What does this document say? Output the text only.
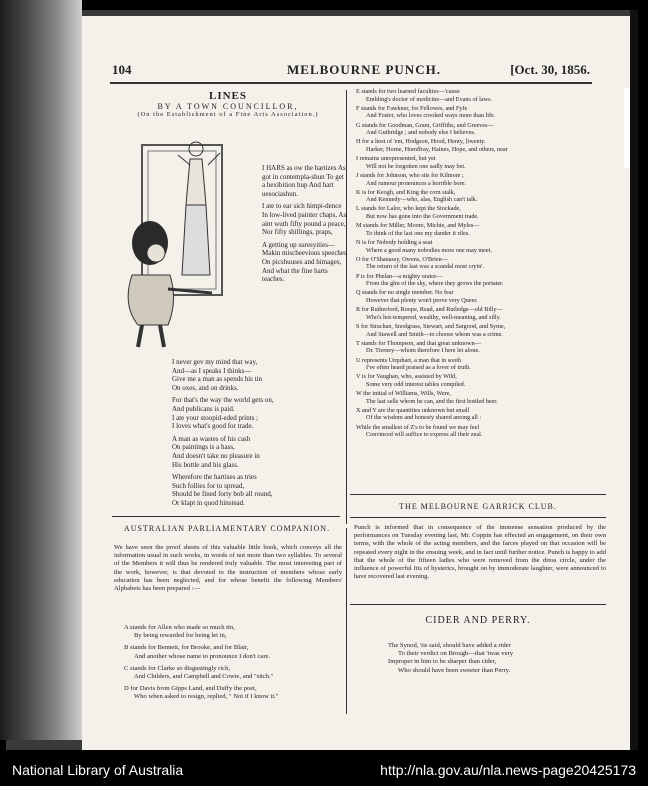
104	MELBOURNE PUNCH.	[Oct. 30, 1856.
LINES
BY A TOWN COUNCILLOR,
(On the Establishment of a Fine Arts Association.)

I HARS as ow the hartizes As got in contempla-shun To get a hexibition hup And hart uesociashun.

I ate to ear sich himpi-dence In low-lived painter chaps, As aint wuth fifty pound a peace, Nor fifty shillings, praps,

A getting up suresyities— Makin mischeevious speeches On picshuuses and himages, And what the fine harts teaches.

I never gev my mind that way,
And—as I speaks I thinks—
Give me a man as spends his tin
On oxes, and on drinks.

For that's the way the world gets on,
And publicans is paid.
I ate your stoopid-eded prints ;
I loves what's good for trade.

A man as wastes of his cash
On paintings is a hass,
And doesn't take no pleasure in
His bottle and his glass.

Wherefore the hartises as tries
Such follies for to spread,
Should be fined forty bob all round,
Or klapt in quod hinstead.

AUSTRALIAN PARLIAMENTARY COMPANION.
We have seen the proof sheets of this valuable little book, which conveys all the information usual in such works, in words of not more than two syllables. To several of the Members it will thus be rendered truly valuable. The most interesting part of the work, however, is that devoted to the instruction of members whose early education has been neglected, and for whose benefit the following Members' Alphabets has been prepared :—
A stands for Allen who made so much tin,
By being rewarded for being let in,
B stands for Bennett, for Brooke, and for Blair,
And another whose name to pronounce I don't care.
C stands for Clarke so disgustingly rich,
And Childers, and Campbell and Cowie, and "sitch."
D for Davis from Gipps Land, and Duffy the poet,
Who when asked to resign, replied, " Not if I know it."
E stands for two learned faculties—'cause
Embling's doctor of medicine—and Evans of laws.
F stands for Fawkner, for Fellowes, and Fyfe
And Foster, who loves crooked ways more than life.
G stands for Goodman, Grant, Griffiths, and Greeves—
And Guthridge ; and nobody else I believes.
H for a host of 'em, Hodgson, Hood, Henty, [twenty.
Harker, Horne, Humffray, Haines, Hope, and others, near
I remains unrepresented, but yet
Will not be forgotten one sadly may bet.
J stands for Johnson, who sits for Kilmore ;
And rumour pronounces a horrible bore.
K is for Keogh, and King the corn stalk,
And Kennedy—who, alas, English can't talk.
L stands for Lalor, who kept the Stockade,
But now has gone into the Government trade.
M stands for Miller, Moore, Michie, and Myles—
To think of the last one my dander it riles.
N is for Nobody holding a seat
Where a good many nobodies more one may meet.
O for O'Shanassy, Owens, O'Brien—
The return of the last was a scandal most cryin'.
P is for Phelan—a mighty orator—
From the glm of the sky, where they grows the portater.
Q stands for no single member. No fear
However that plenty won't prove very Queer.
R for Rutherford, Roope, Read, and Rutledge—old Billy—
Who's hot-tempered, wealthy, well-meaning, and silly.
S for Strachan, Snodgrass, Stewart, and Sargood, and Syme,
And Stawell and Smith—to choose whom was a crime.
T stands for Thompson, and that great unknown—
Dr. Tierney—whom therefore I here let alone.
U represents Urquhart, a man that in sooth
I've often heard praised as a lover of truth.
V is for Vaughan, who, assisted by Wild,
Some very odd interest tables compiled.
W the initial of Williams, Wills, Were,
The last sells whom he can, and the first bottled beer.
X and Y are the quantities unknown but small
Of the wisdom and honesty shared among all :
While the smallest of Z's to be found we may feel
Convinced will suffice to express all their zeal.
THE MELBOURNE GARRICK CLUB.
Punch is informed that in consequence of the immense sensation produced by the performances on Tuesday evening last, Mr. Coppin has effected an engagement, on their own terms, with the whole of the acting members, and the farces played on that occasion will be repeated every night in the ensuing week, and in fact until further notice. Punch is happy to add that the whole of the fifteen ladies who were removed from the dress circle, under the influence of powerful fits of hysterics, brought on by immoderate laughter, were announced to have recovered last evening.
CIDER AND PERRY.
The Synod, 'tis said, should have added a rider
To their verdict on Brough—that 'twas very
Improper in him to be sharper than cider,
Who should have been sweeter than Perry.
National Library of Australia	http://nla.gov.au/nla.news-page20425173
